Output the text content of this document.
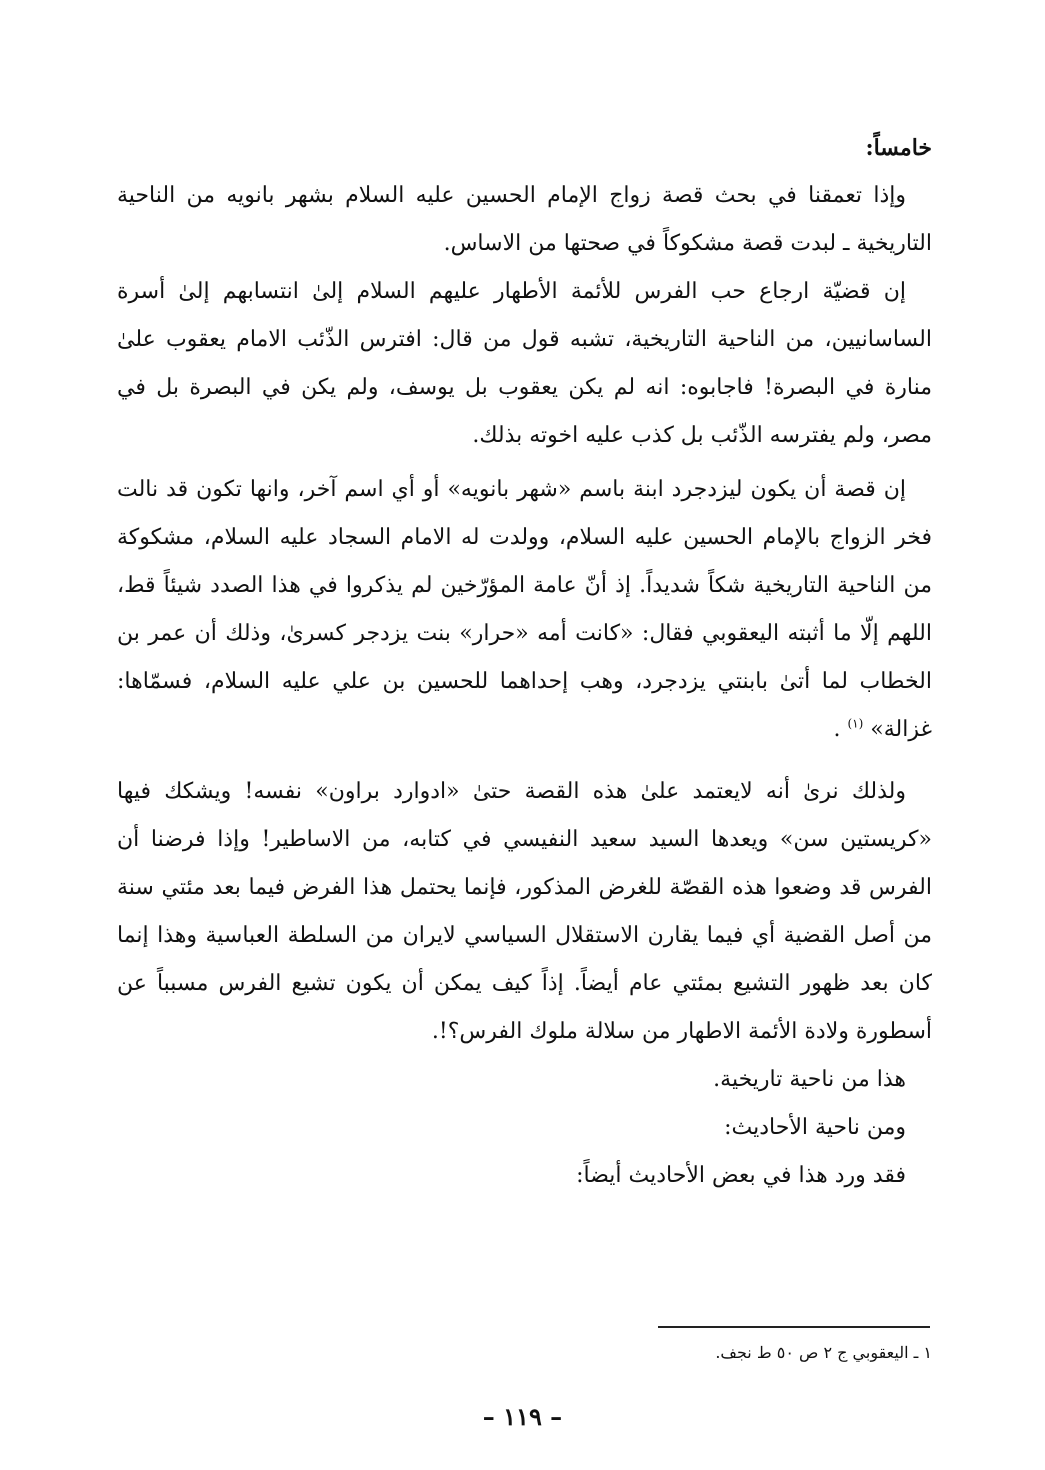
خامساً:

وإذا تعمقنا في بحث قصة زواج الإمام الحسين عليه السلام بشهر بانويه من الناحية التاريخية ـ لبدت قصة مشكوكاً في صحتها من الاساس.

إن قضيّة ارجاع حب الفرس للأئمة الأطهار عليهم السلام إلىٰ انتسابهم إلىٰ أسرة الساسانيين، من الناحية التاريخية، تشبه قول من قال: افترس الذّئب الامام يعقوب علىٰ منارة في البصرة! فاجابوه: انه لم يكن يعقوب بل يوسف، ولم يكن في البصرة بل في مصر، ولم يفترسه الذّئب بل كذب عليه اخوته بذلك.

إن قصة أن يكون ليزدجرد ابنة باسم «شهر بانويه» أو أي اسم آخر، وانها تكون قد نالت فخر الزواج بالإمام الحسين عليه السلام، وولدت له الامام السجاد عليه السلام، مشكوكة من الناحية التاريخية شكاً شديداً. إذ أنّ عامة المؤرّخين لم يذكروا في هذا الصدد شيئاً قط، اللهم إلّا ما أثبته اليعقوبي فقال: «كانت أمه «حرار» بنت يزدجر كسرىٰ، وذلك أن عمر بن الخطاب لما أتىٰ بابنتي يزدجرد، وهب إحداهما للحسين بن علي عليه السلام، فسمّاها: غزالة» $^{(١)}$ .

ولذلك نرىٰ أنه لايعتمد علىٰ هذه القصة حتىٰ «ادوارد براون» نفسه! ويشكك فيها «كريستين سن» ويعدها السيد سعيد النفيسي في كتابه، من الاساطير! وإذا فرضنا أن الفرس قد وضعوا هذه القصّة للغرض المذكور، فإنما يحتمل هذا الفرض فيما بعد مئتي سنة من أصل القضية أي فيما يقارن الاستقلال السياسي لايران من السلطة العباسية وهذا إنما كان بعد ظهور التشيع بمئتي عام أيضاً. إذاً كيف يمكن أن يكون تشيع الفرس مسبباً عن أسطورة ولادة الأئمة الاطهار من سلالة ملوك الفرس؟!.

هذا من ناحية تاريخية.

ومن ناحية الأحاديث:

فقد ورد هذا في بعض الأحاديث أيضاً:

١ ـ اليعقوبي ج ٢ ص ٥٠ ط نجف.
– ١١٩ –
